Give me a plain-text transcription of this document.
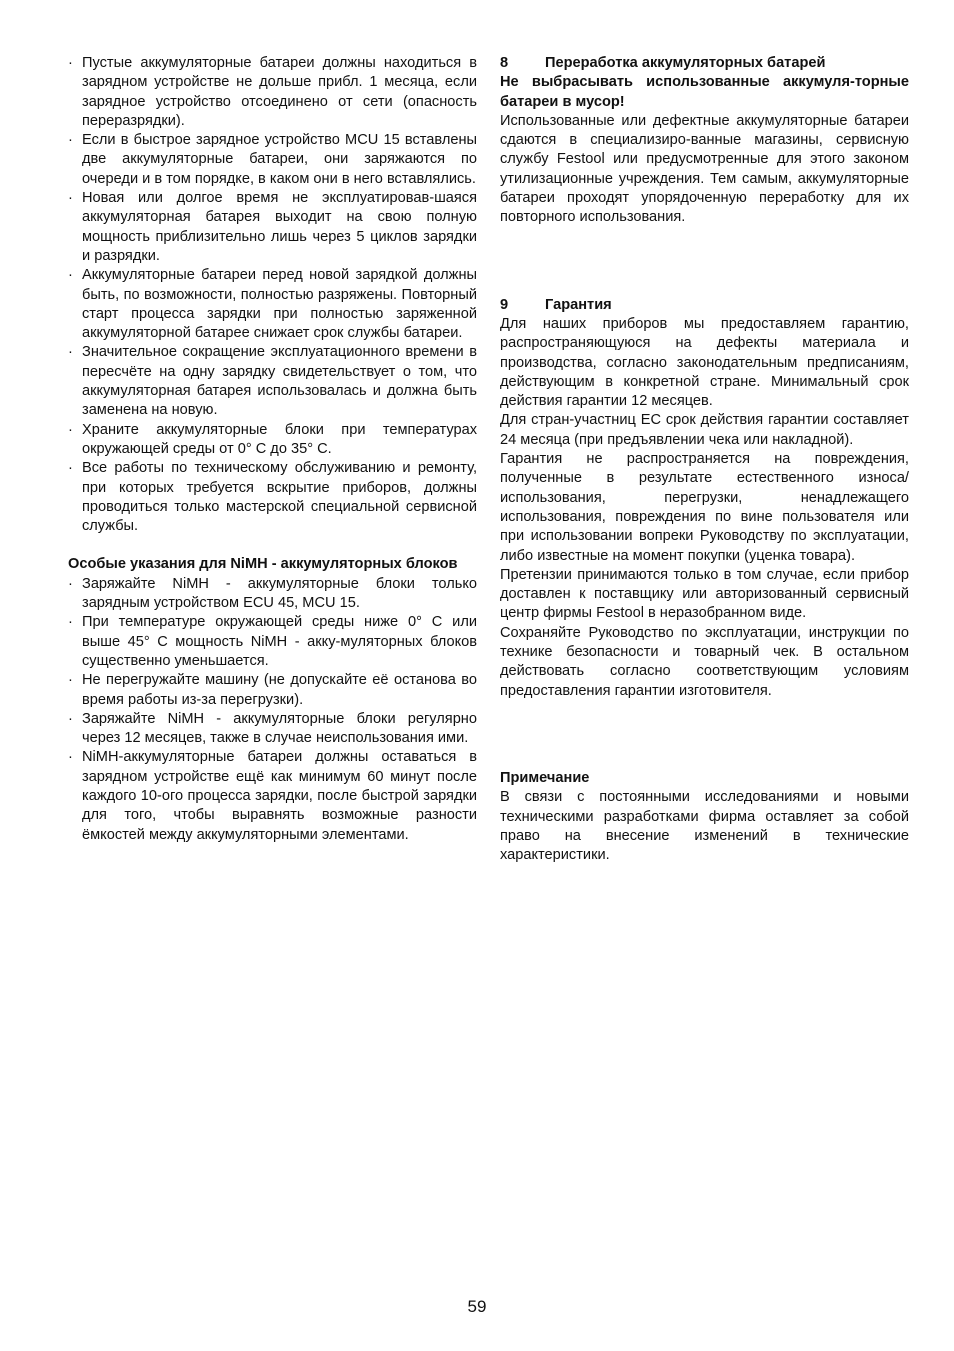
· Пустые аккумуляторные батареи должны находиться в зарядном устройстве не дольше прибл. 1 месяца, если зарядное устройство отсоединено от сети (опасность переразрядки).
· Если в быстрое зарядное устройство MCU 15 вставлены две аккумуляторные батареи, они заряжаются по очереди и в том порядке, в каком они в него вставлялись.
· Новая или долгое время не эксплуатировав-шаяся аккумуляторная батарея выходит на свою полную мощность приблизительно лишь через 5 циклов зарядки и разрядки.
· Аккумуляторные батареи перед новой зарядкой должны быть, по возможности, полностью разряжены. Повторный старт процесса зарядки при полностью заряженной аккумуляторной батарее снижает срок службы батареи.
· Значительное сокращение эксплуатационного времени в пересчёте на одну зарядку свидетельствует о том, что аккумуляторная батарея использовалась и должна быть заменена на новую.
· Храните аккумуляторные блоки при температурах окружающей среды от 0° C до 35° C.
· Все работы по техническому обслуживанию и ремонту, при которых требуется вскрытие приборов, должны проводиться только мастерской специальной сервисной службы.

Особые указания для NiMH - аккумуляторных блоков

· Заряжайте NiMH - аккумуляторные блоки только зарядным устройством ECU 45, MCU 15.
· При температуре окружающей среды ниже 0° C или выше 45° C мощность NiMH - акку-муляторных блоков существенно уменьшается.
· Не перегружайте машину (не допускайте её останова во время работы из-за перегрузки).
· Заряжайте NiMH - аккумуляторные блоки регулярно через 12 месяцев, также в случае неиспользования ими.
· NiMH-аккумуляторные батареи должны оставаться в зарядном устройстве ещё как минимум 60 минут после каждого 10-ого процесса зарядки, после быстрой зарядки для того, чтобы выравнять возможные разности ёмкостей между аккумуляторными элементами.

8	Переработка аккумуляторных батарей

Не выбрасывать использованные аккумуля-торные батареи в мусор!

Использованные или дефектные аккумуляторные батареи сдаются в специализиро-ванные магазины, сервисную службу Festool или предусмотренные для этого законом утилизационные учреждения. Тем самым, аккумуляторные батареи проходят упорядоченную переработку для их повторного использования.

9	Гарантия

Для наших приборов мы предоставляем гарантию, распространяющуюся на дефекты материала и производства, согласно законодательным предписаниям, действующим в конкретной стране. Минимальный срок действия гарантии 12 месяцев.

Для стран-участниц ЕС срок действия гарантии составляет 24 месяца (при предъявлении чека или накладной).

Гарантия не распространяется на повреждения, полученные в результате естественного износа/ использования, перегрузки, ненадлежащего использования, повреждения по вине пользователя или при использовании вопреки Руководству по эксплуатации, либо известные на момент покупки (уценка товара).

Претензии принимаются только в том случае, если прибор доставлен к поставщику или авторизованный сервисный центр фирмы Festool в неразобранном виде.

Сохраняйте Руководство по эксплуатации, инструкции по технике безопасности и товарный чек. В остальном действовать согласно соответствующим условиям предоставления гарантии изготовителя.

Примечание

В связи с постоянными исследованиями и новыми техническими разработками фирма оставляет за собой право на внесение изменений в технические характеристики.

59
